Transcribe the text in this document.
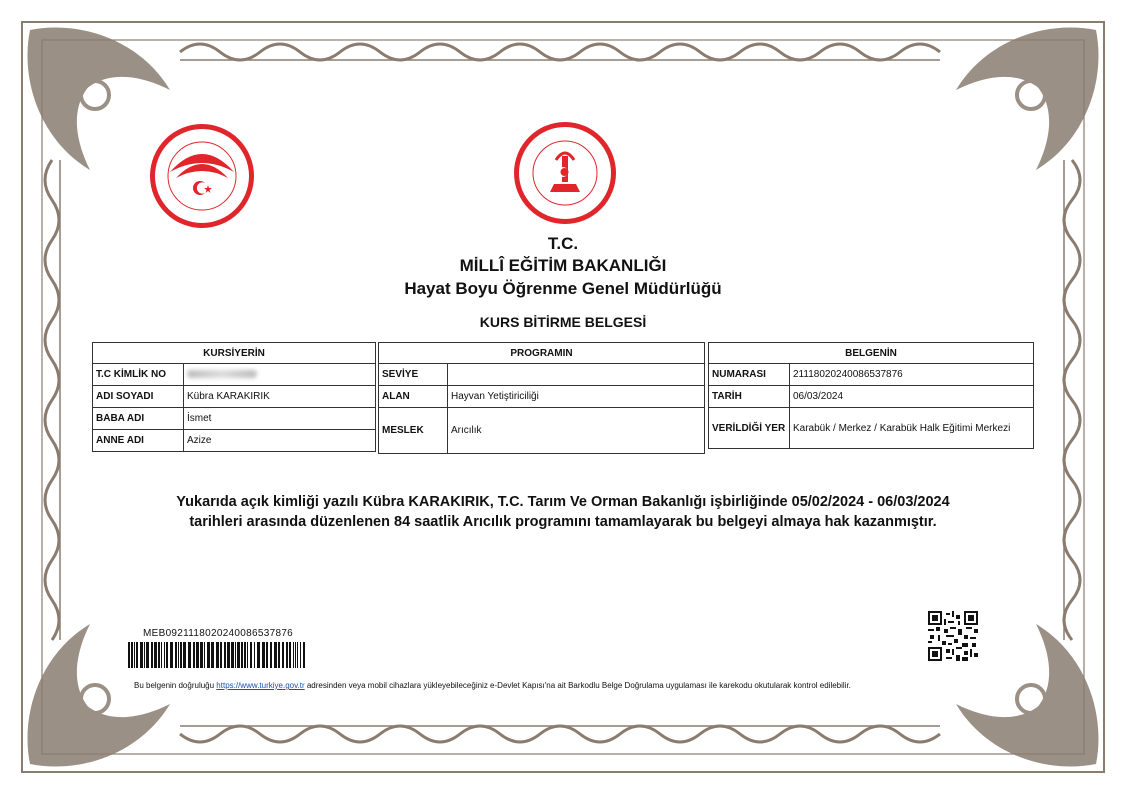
T.C.
MİLLÎ EĞİTİM BAKANLIĞI
Hayat Boyu Öğrenme Genel Müdürlüğü
KURS BİTİRME BELGESİ
KURSİYERİN	
T.C KİMLİK NO	
ADI SOYADI	Kübra KARAKIRIK
BABA ADI	İsmet
ANNE ADI	Azize
PROGRAMIN	
SEVİYE	
ALAN	Hayvan Yetiştiriciliği
MESLEK	Arıcılık
BELGENİN	
NUMARASI	21118020240086537876
TARİH	06/03/2024
VERİLDİĞİ YER	Karabük / Merkez / Karabük Halk Eğitimi Merkezi
Yukarıda açık kimliği yazılı Kübra KARAKIRIK, T.C. Tarım Ve Orman Bakanlığı işbirliğinde 05/02/2024 - 06/03/2024
tarihleri arasında düzenlenen 84 saatlik Arıcılık programını tamamlayarak bu belgeyi almaya hak kazanmıştır.
MEB092111802024008653787​6
Bu belgenin doğruluğu https://www.turkiye.gov.tr adresinden veya mobil cihazlara yükleyebileceğiniz e-Devlet Kapısı'na ait Barkodlu Belge Doğrulama uygulaması ile karekodu okutularak kontrol edilebilir.
